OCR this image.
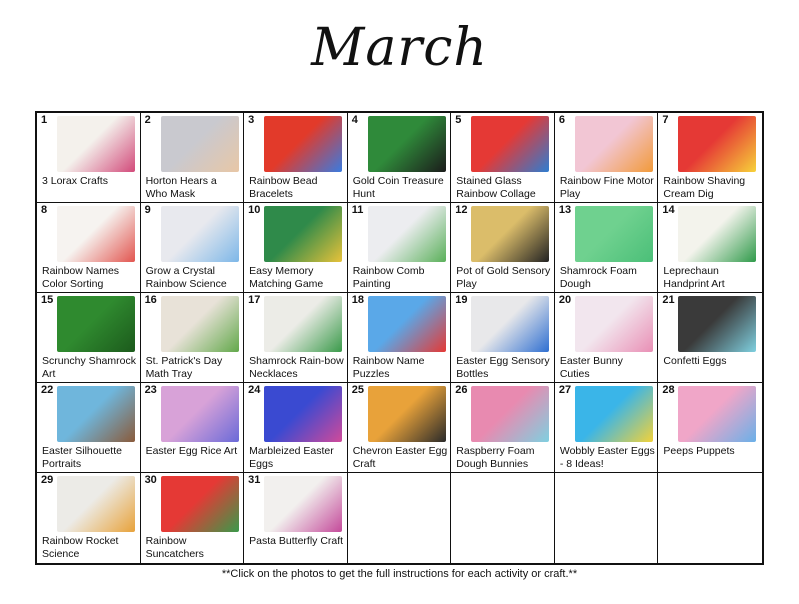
March
1
3 Lorax Crafts
2
Horton Hears a Who Mask
3
Rainbow Bead Bracelets
4
Gold Coin Treasure Hunt
5
Stained Glass Rainbow Collage
6
Rainbow Fine Motor Play
7
Rainbow Shaving Cream Dig
8
Rainbow Names Color Sorting
9
Grow a Crystal Rainbow Science
10
Easy Memory Matching Game
11
Rainbow Comb Painting
12
Pot of Gold Sensory Play
13
Shamrock Foam Dough
14
Leprechaun Handprint Art
15
Scrunchy Shamrock Art
16
St. Patrick's Day Math Tray
17
Shamrock Rain-bow Necklaces
18
Rainbow Name Puzzles
19
Easter Egg Sensory Bottles
20
Easter Bunny Cuties
21
Confetti Eggs
22
Easter Silhouette Portraits
23
Easter Egg Rice Art
24
Marbleized Easter Eggs
25
Chevron Easter Egg Craft
26
Raspberry Foam Dough Bunnies
27
Wobbly Easter Eggs - 8 Ideas!
28
Peeps Puppets
29
Rainbow Rocket Science
30
Rainbow Suncatchers
31
Pasta Butterfly Craft
**Click on the photos to get the full instructions for each activity or craft.**
